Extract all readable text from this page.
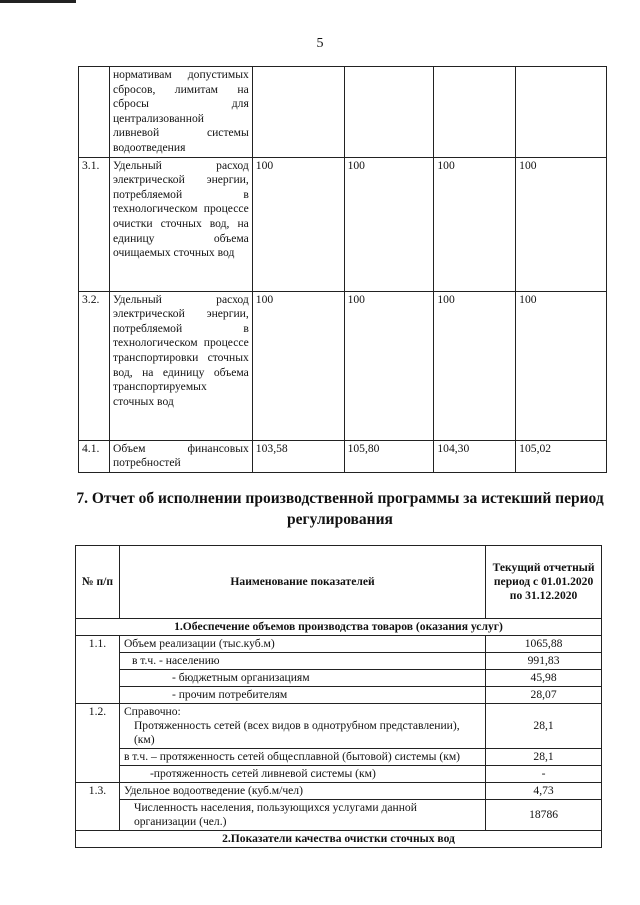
5
	нормативам допустимых сбросов, лимитам на сбросы для централизованной ливневой системы водоотведения				
3.1.	Удельный расход электрической энергии, потребляемой в технологическом процессе очистки сточных вод, на единицу объема очищаемых сточных вод	100	100	100	100
3.2.	Удельный расход электрической энергии, потребляемой в технологическом процессе транспортировки сточных вод, на единицу объема транспортируемых сточных вод	100	100	100	100
4.1.	Объем финансовых потребностей	103,58	105,80	104,30	105,02
7. Отчет об исполнении производственной программы за истекший период регулирования
№ п/п	Наименование показателей	Текущий отчетный период с 01.01.2020 по 31.12.2020
1.Обеспечение объемов производства товаров (оказания услуг)		
1.1.	Объем реализации (тыс.куб.м)	1065,88
	в т.ч. - населению	991,83
	- бюджетным организациям	45,98
	- прочим потребителям	28,07
1.2.	Справочно:
Протяженность сетей (всех видов в однотрубном представлении), (км)	28,1
	в т.ч. – протяженность сетей общесплавной (бытовой) системы (км)	28,1
	-протяженность сетей ливневой системы (км)	-
1.3.	Удельное водоотведение (куб.м/чел)	4,73
	Численность населения, пользующихся услугами данной организации (чел.)	18786
2.Показатели качества очистки сточных вод		
